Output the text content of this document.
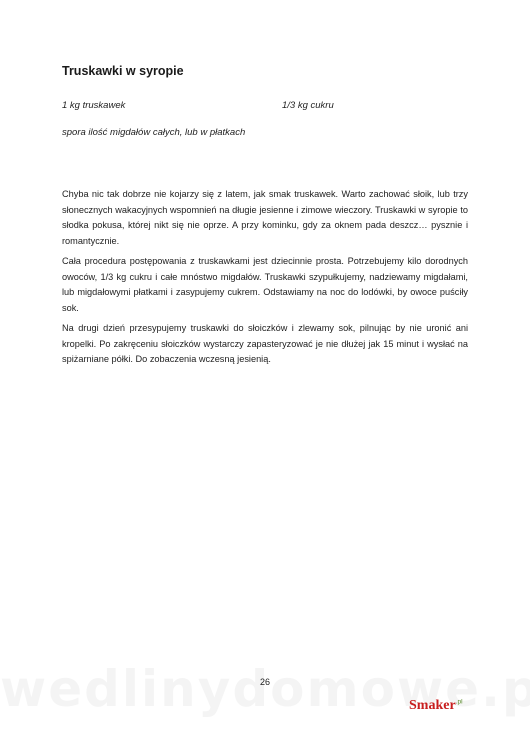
Truskawki w syropie
1 kg truskawek	1/3 kg cukru
spora ilość migdałów całych, lub w płatkach

Chyba nic tak dobrze nie kojarzy się z latem, jak smak truskawek. Warto zachować słoik, lub trzy słonecznych wakacyjnych wspomnień na długie jesienne i zimowe wieczory. Truskawki w syropie to słodka pokusa, której nikt się nie oprze. A przy kominku, gdy za oknem pada deszcz… pysznie i romantycznie.

Cała procedura postępowania z truskawkami jest dziecinnie prosta. Potrzebujemy kilo dorodnych owoców, 1/3 kg cukru i całe mnóstwo migdałów. Truskawki szypułkujemy, nadziewamy migdałami, lub migdałowymi płatkami i zasypujemy cukrem. Odstawiamy na noc do lodówki, by owoce puściły sok.

Na drugi dzień przesypujemy truskawki do słoiczków i zlewamy sok, pilnując by nie uronić ani kropelki. Po zakręceniu słoiczków wystarczy zapasteryzować je nie dłużej jak 15 minut i wysłać na spiżarniane półki. Do zobaczenia wczesną jesienią.

26
Smaker$^{.pl}$
